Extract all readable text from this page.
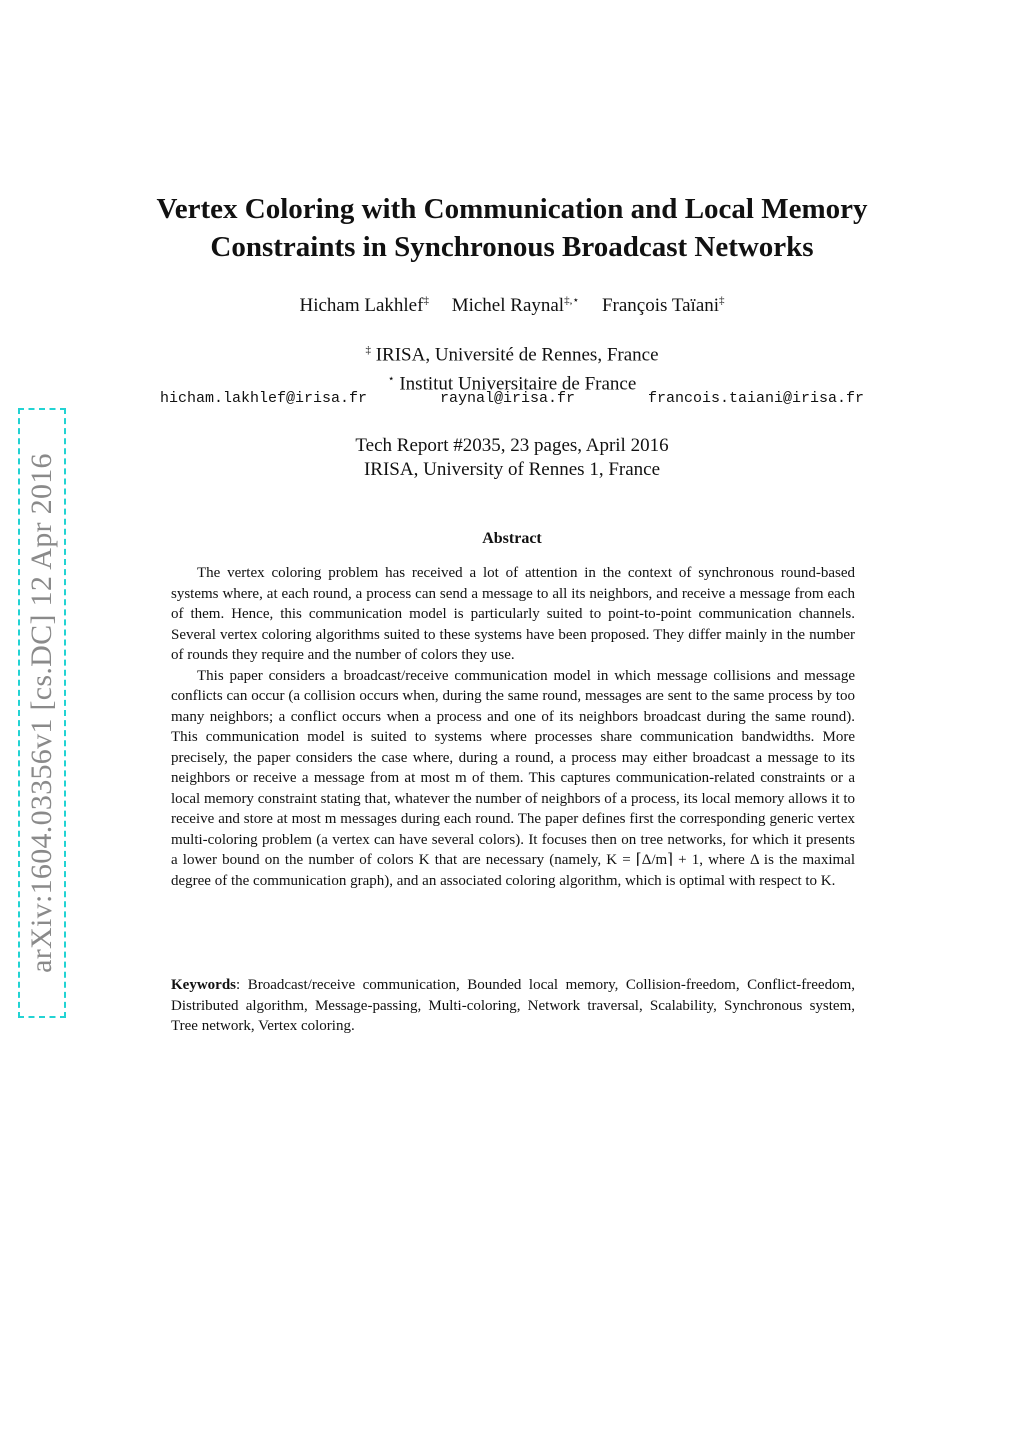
arXiv:1604.03356v1 [cs.DC] 12 Apr 2016
Vertex Coloring with Communication and Local Memory
Constraints in Synchronous Broadcast Networks
Hicham Lakhlef‡ Michel Raynal‡,⋆ François Taïani‡
‡ IRISA, Université de Rennes, France
⋆ Institut Universitaire de France
hicham.lakhlef@irisa.fr	raynal@irisa.fr	francois.taiani@irisa.fr
Tech Report #2035, 23 pages, April 2016
IRISA, University of Rennes 1, France
Abstract

The vertex coloring problem has received a lot of attention in the context of synchronous round-based systems where, at each round, a process can send a message to all its neighbors, and receive a message from each of them. Hence, this communication model is particularly suited to point-to-point communication channels. Several vertex coloring algorithms suited to these systems have been proposed. They differ mainly in the number of rounds they require and the number of colors they use.

This paper considers a broadcast/receive communication model in which message collisions and message conflicts can occur (a collision occurs when, during the same round, messages are sent to the same process by too many neighbors; a conflict occurs when a process and one of its neighbors broadcast during the same round). This communication model is suited to systems where processes share communication bandwidths. More precisely, the paper considers the case where, during a round, a process may either broadcast a message to its neighbors or receive a message from at most m of them. This captures communication-related constraints or a local memory constraint stating that, whatever the number of neighbors of a process, its local memory allows it to receive and store at most m messages during each round. The paper defines first the corresponding generic vertex multi-coloring problem (a vertex can have several colors). It focuses then on tree networks, for which it presents a lower bound on the number of colors K that are necessary (namely, K = ⌈Δ/m⌉ + 1, where Δ is the maximal degree of the communication graph), and an associated coloring algorithm, which is optimal with respect to K.

Keywords: Broadcast/receive communication, Bounded local memory, Collision-freedom, Conflict-freedom, Distributed algorithm, Message-passing, Multi-coloring, Network traversal, Scalability, Synchronous system, Tree network, Vertex coloring.
